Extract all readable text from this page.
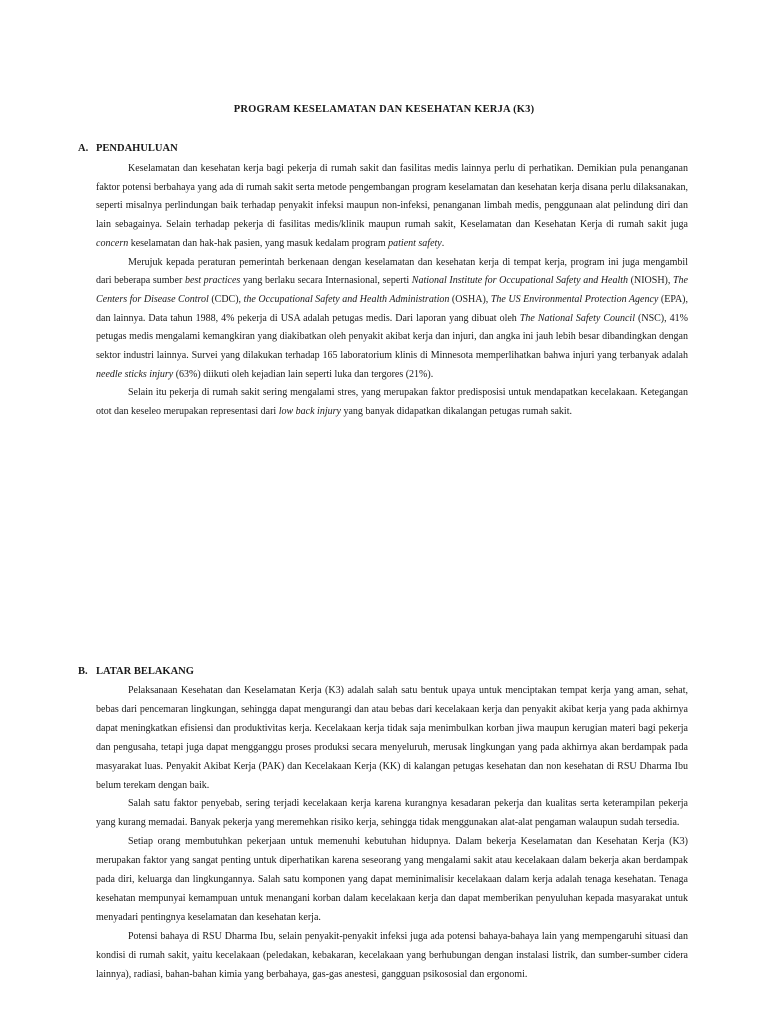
PROGRAM KESELAMATAN DAN KESEHATAN KERJA (K3)
A. PENDAHULUAN

Keselamatan dan kesehatan kerja bagi pekerja di rumah sakit dan fasilitas medis lainnya perlu di perhatikan. Demikian pula penanganan faktor potensi berbahaya yang ada di rumah sakit serta metode pengembangan program keselamatan dan kesehatan kerja disana perlu dilaksanakan, seperti misalnya perlindungan baik terhadap penyakit infeksi maupun non-infeksi, penanganan limbah medis, penggunaan alat pelindung diri dan lain sebagainya. Selain terhadap pekerja di fasilitas medis/klinik maupun rumah sakit, Keselamatan dan Kesehatan Kerja di rumah sakit juga concern keselamatan dan hak-hak pasien, yang masuk kedalam program patient safety.

Merujuk kepada peraturan pemerintah berkenaan dengan keselamatan dan kesehatan kerja di tempat kerja, program ini juga mengambil dari beberapa sumber best practices yang berlaku secara Internasional, seperti National Institute for Occupational Safety and Health (NIOSH), The Centers for Disease Control (CDC), the Occupational Safety and Health Administration (OSHA), The US Environmental Protection Agency (EPA), dan lainnya. Data tahun 1988, 4% pekerja di USA adalah petugas medis. Dari laporan yang dibuat oleh The National Safety Council (NSC), 41% petugas medis mengalami kemangkiran yang diakibatkan oleh penyakit akibat kerja dan injuri, dan angka ini jauh lebih besar dibandingkan dengan sektor industri lainnya. Survei yang dilakukan terhadap 165 laboratorium klinis di Minnesota memperlihatkan bahwa injuri yang terbanyak adalah needle sticks injury (63%) diikuti oleh kejadian lain seperti luka dan tergores (21%).

Selain itu pekerja di rumah sakit sering mengalami stres, yang merupakan faktor predisposisi untuk mendapatkan kecelakaan. Ketegangan otot dan keseleo merupakan representasi dari low back injury yang banyak didapatkan dikalangan petugas rumah sakit.

B. LATAR BELAKANG

Pelaksanaan Kesehatan dan Keselamatan Kerja (K3) adalah salah satu bentuk upaya untuk menciptakan tempat kerja yang aman, sehat, bebas dari pencemaran lingkungan, sehingga dapat mengurangi dan atau bebas dari kecelakaan kerja dan penyakit akibat kerja yang pada akhirnya dapat meningkatkan efisiensi dan produktivitas kerja. Kecelakaan kerja tidak saja menimbulkan korban jiwa maupun kerugian materi bagi pekerja dan pengusaha, tetapi juga dapat mengganggu proses produksi secara menyeluruh, merusak lingkungan yang pada akhirnya akan berdampak pada masyarakat luas. Penyakit Akibat Kerja (PAK) dan Kecelakaan Kerja (KK) di kalangan petugas kesehatan dan non kesehatan di RSU Dharma Ibu belum terekam dengan baik.

Salah satu faktor penyebab, sering terjadi kecelakaan kerja karena kurangnya kesadaran pekerja dan kualitas serta keterampilan pekerja yang kurang memadai. Banyak pekerja yang meremehkan risiko kerja, sehingga tidak menggunakan alat-alat pengaman walaupun sudah tersedia.

Setiap orang membutuhkan pekerjaan untuk memenuhi kebutuhan hidupnya. Dalam bekerja Keselamatan dan Kesehatan Kerja (K3) merupakan faktor yang sangat penting untuk diperhatikan karena seseorang yang mengalami sakit atau kecelakaan dalam bekerja akan berdampak pada diri, keluarga dan lingkungannya. Salah satu komponen yang dapat meminimalisir kecelakaan dalam kerja adalah tenaga kesehatan. Tenaga kesehatan mempunyai kemampuan untuk menangani korban dalam kecelakaan kerja dan dapat memberikan penyuluhan kepada masyarakat untuk menyadari pentingnya keselamatan dan kesehatan kerja.

Potensi bahaya di RSU Dharma Ibu, selain penyakit-penyakit infeksi juga ada potensi bahaya-bahaya lain yang mempengaruhi situasi dan kondisi di rumah sakit, yaitu kecelakaan (peledakan, kebakaran, kecelakaan yang berhubungan dengan instalasi listrik, dan sumber-sumber cidera lainnya), radiasi, bahan-bahan kimia yang berbahaya, gas-gas anestesi, gangguan psikososial dan ergonomi.
